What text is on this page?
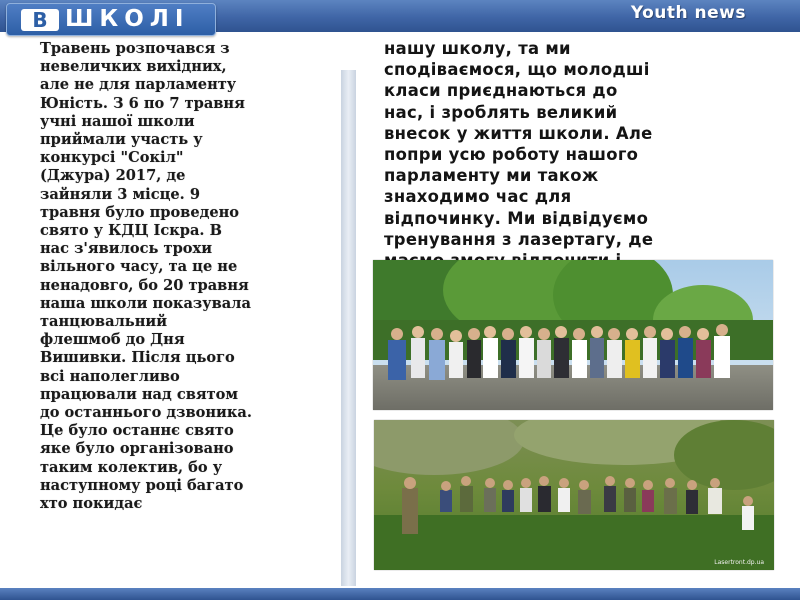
В ШКОЛІ	Youth news
Травень розпочався з
невеличких вихідних,
але не для парламенту
Юність. З 6 по 7 травня
учні нашої школи
приймали участь у
конкурсі "Сокіл"
(Джура) 2017, де
зайняли 3 місце. 9
травня було проведено
свято у КДЦ Іскра. В
нас з'явилось трохи
вільного часу, та це не
ненадовго, бо 20 травня
наша школи показувала
танцювальний
флешмоб до Дня
Вишивки. Після цього
всі наполегливо
працювали над святом
до останнього дзвоника.
Це було останнє свято
яке було організовано
таким колектив, бо у
наступному році багато
хто покидає
нашу школу, та ми
сподіваємося, що молодші
класи приєднаються до
нас, і зроблять великий
внесок у життя школи. Але
попри усю роботу нашого
парламенту ми також
знаходимо час для
відпочинку. Ми відвідуємо
тренування з лазертагу, де
Lasertront.dp.ua
